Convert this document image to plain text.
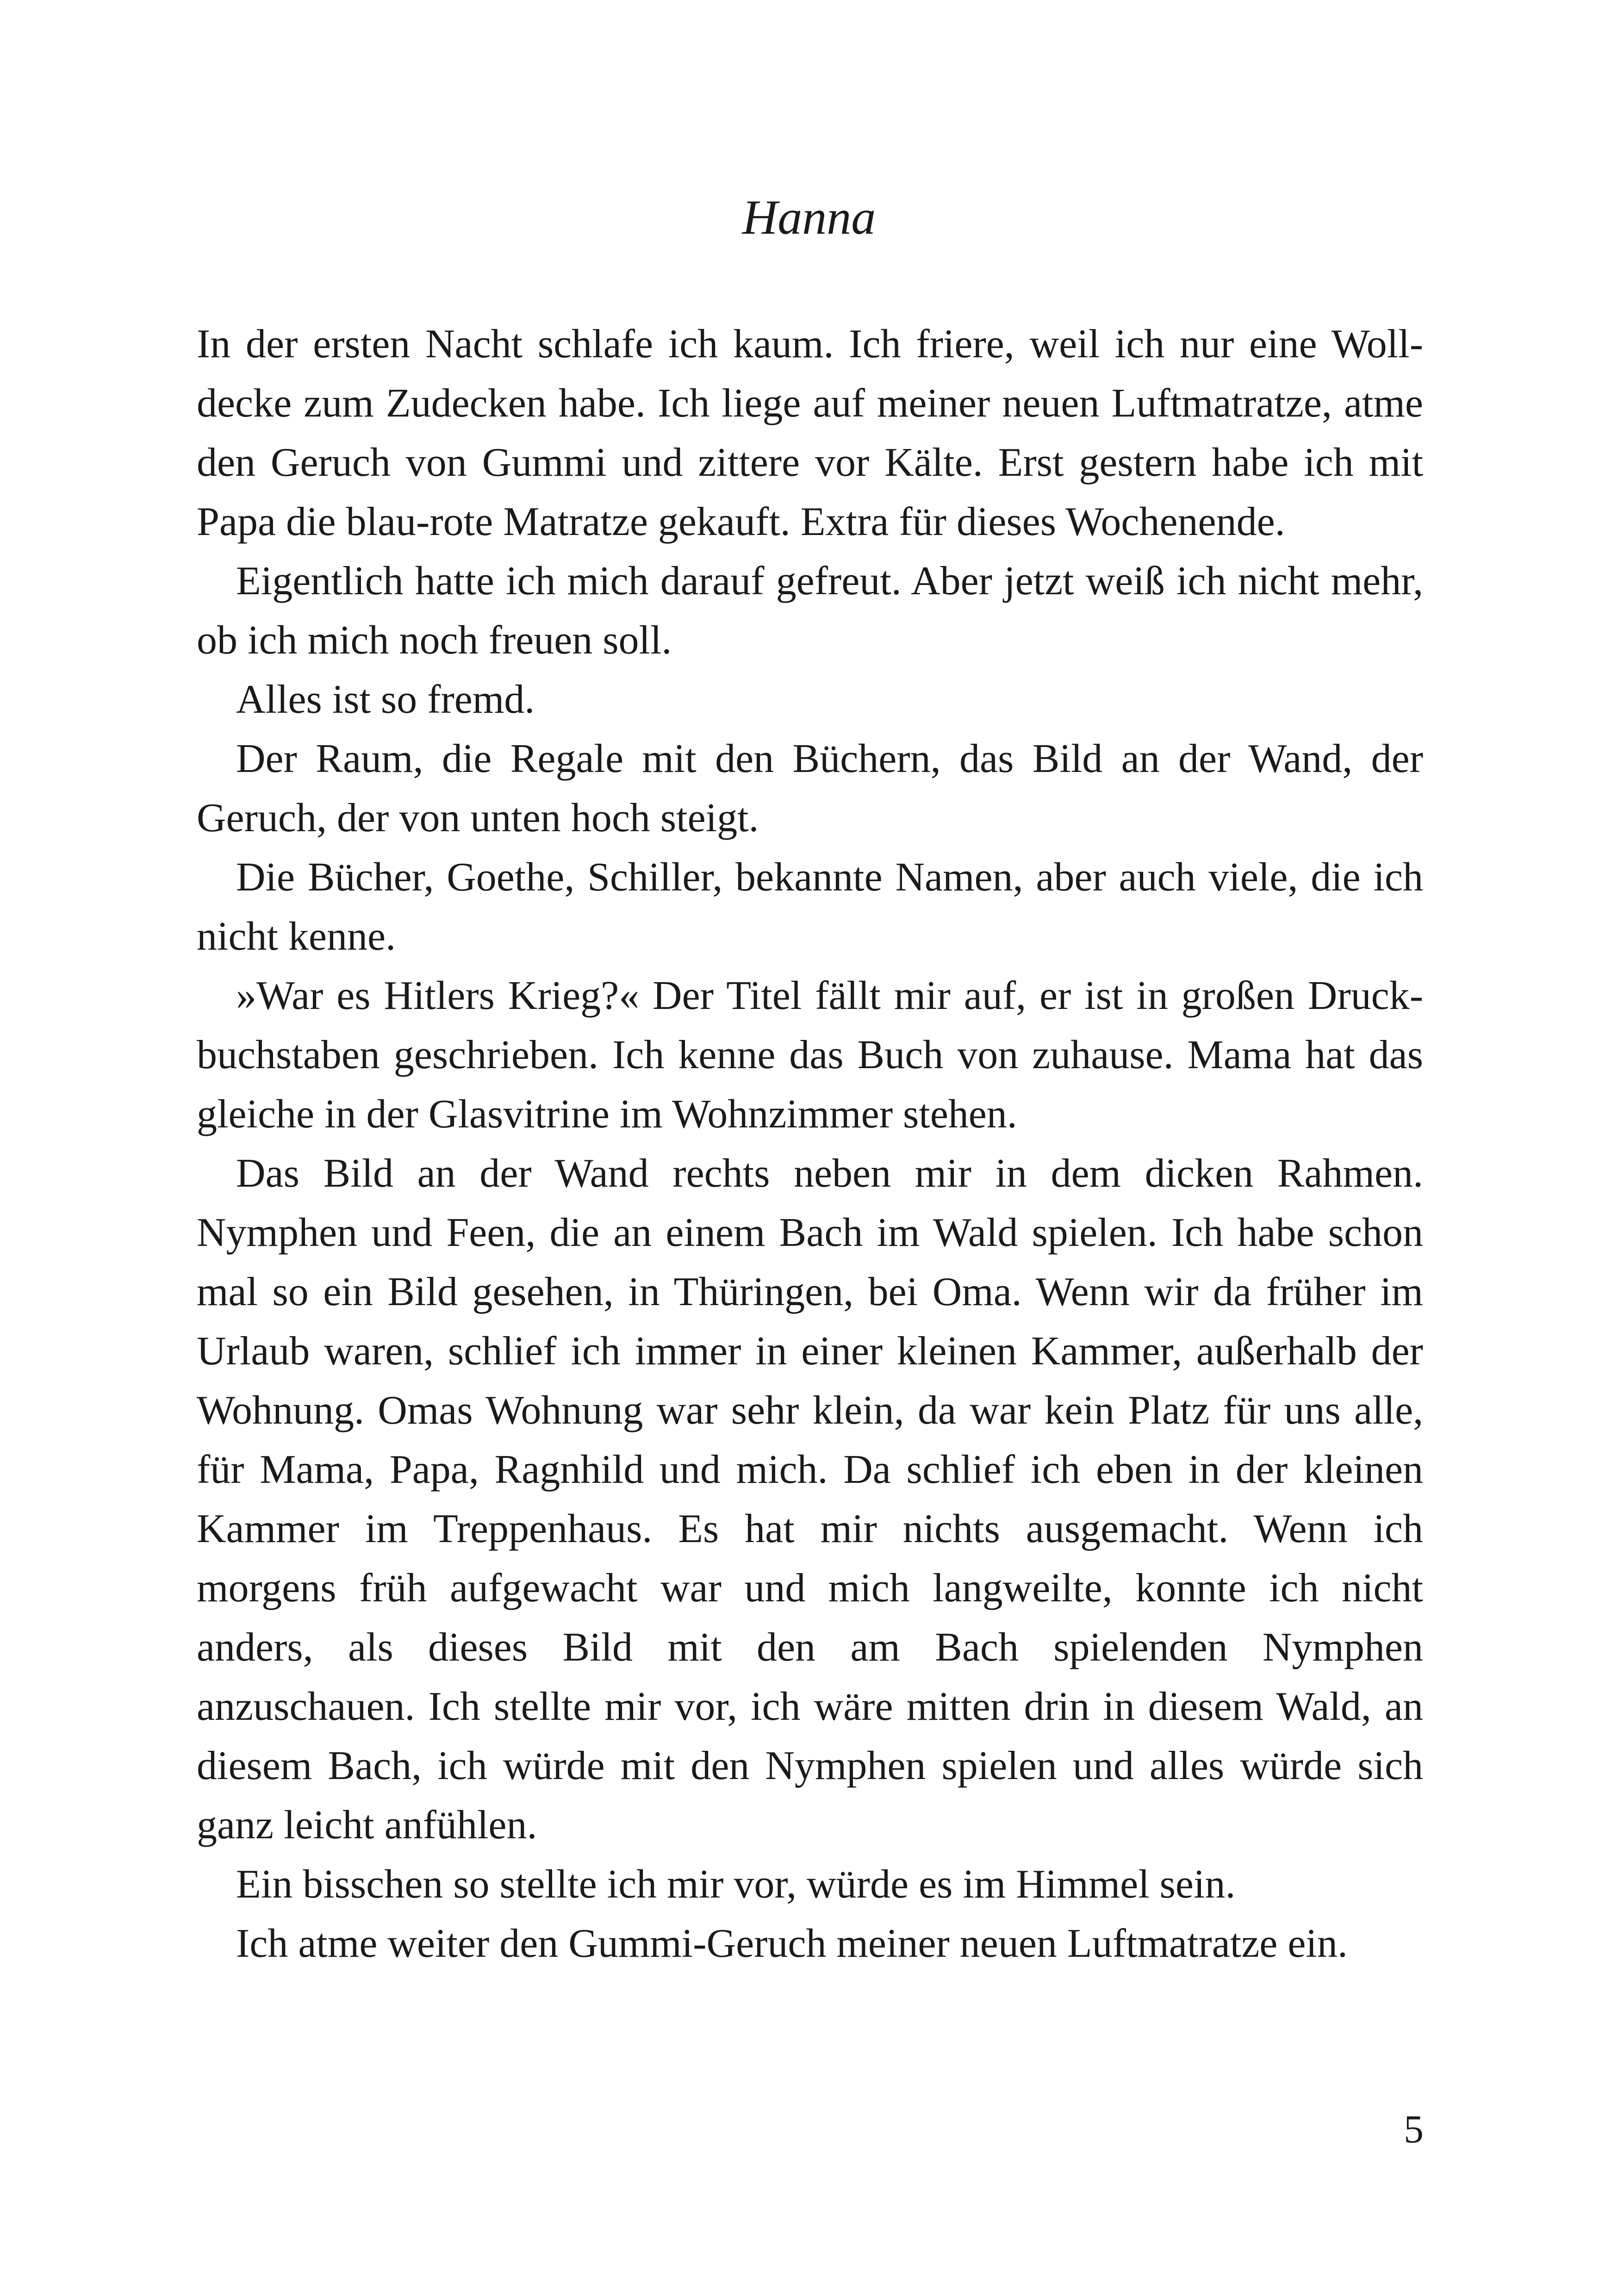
Hanna

In der ersten Nacht schlafe ich kaum. Ich friere, weil ich nur eine Wolldecke zum Zudecken habe. Ich liege auf meiner neuen Luftmatratze, atme den Geruch von Gummi und zittere vor Kälte. Erst gestern habe ich mit Papa die blau-rote Matratze gekauft. Extra für dieses Wochenende.

Eigentlich hatte ich mich darauf gefreut. Aber jetzt weiß ich nicht mehr, ob ich mich noch freuen soll.

Alles ist so fremd.

Der Raum, die Regale mit den Büchern, das Bild an der Wand, der Geruch, der von unten hoch steigt.

Die Bücher, Goethe, Schiller, bekannte Namen, aber auch viele, die ich nicht kenne.

»War es Hitlers Krieg?« Der Titel fällt mir auf, er ist in großen Druckbuchstaben geschrieben. Ich kenne das Buch von zuhause. Mama hat das gleiche in der Glasvitrine im Wohnzimmer stehen.

Das Bild an der Wand rechts neben mir in dem dicken Rahmen. Nymphen und Feen, die an einem Bach im Wald spielen. Ich habe schon mal so ein Bild gesehen, in Thüringen, bei Oma. Wenn wir da früher im Urlaub waren, schlief ich immer in einer kleinen Kammer, außerhalb der Wohnung. Omas Wohnung war sehr klein, da war kein Platz für uns alle, für Mama, Papa, Ragnhild und mich. Da schlief ich eben in der kleinen Kammer im Treppenhaus. Es hat mir nichts ausgemacht. Wenn ich morgens früh aufgewacht war und mich langweilte, konnte ich nicht anders, als dieses Bild mit den am Bach spielenden Nymphen anzuschauen. Ich stellte mir vor, ich wäre mitten drin in diesem Wald, an diesem Bach, ich würde mit den Nymphen spielen und alles würde sich ganz leicht anfühlen.

Ein bisschen so stellte ich mir vor, würde es im Himmel sein.

Ich atme weiter den Gummi-Geruch meiner neuen Luftmatratze ein.

5
